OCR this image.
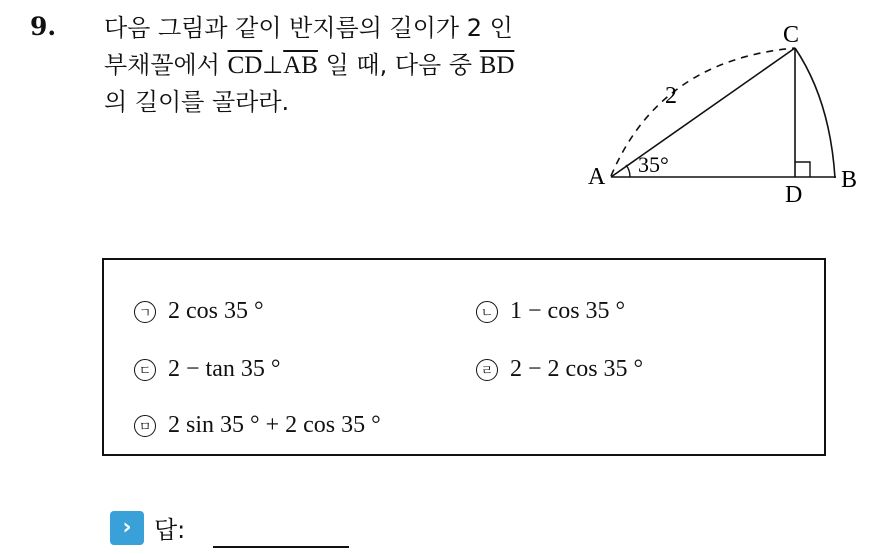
9. 다음 그림과 같이 반지름의 길이가 2 인
부채꼴에서 $\overline{CD}\perp\overline{AB}$ 일 때, 다음 중 $\overline{BD}$
의 길이를 골라라.
A	B
C
D
2
35°
ㄱ 2 cos 35 °	ㄴ 1 − cos 35 °
ㄷ 2 − tan 35 °	ㄹ 2 − 2 cos 35 °
ㅁ 2 sin 35 ° + 2 cos 35 °
› 답:
